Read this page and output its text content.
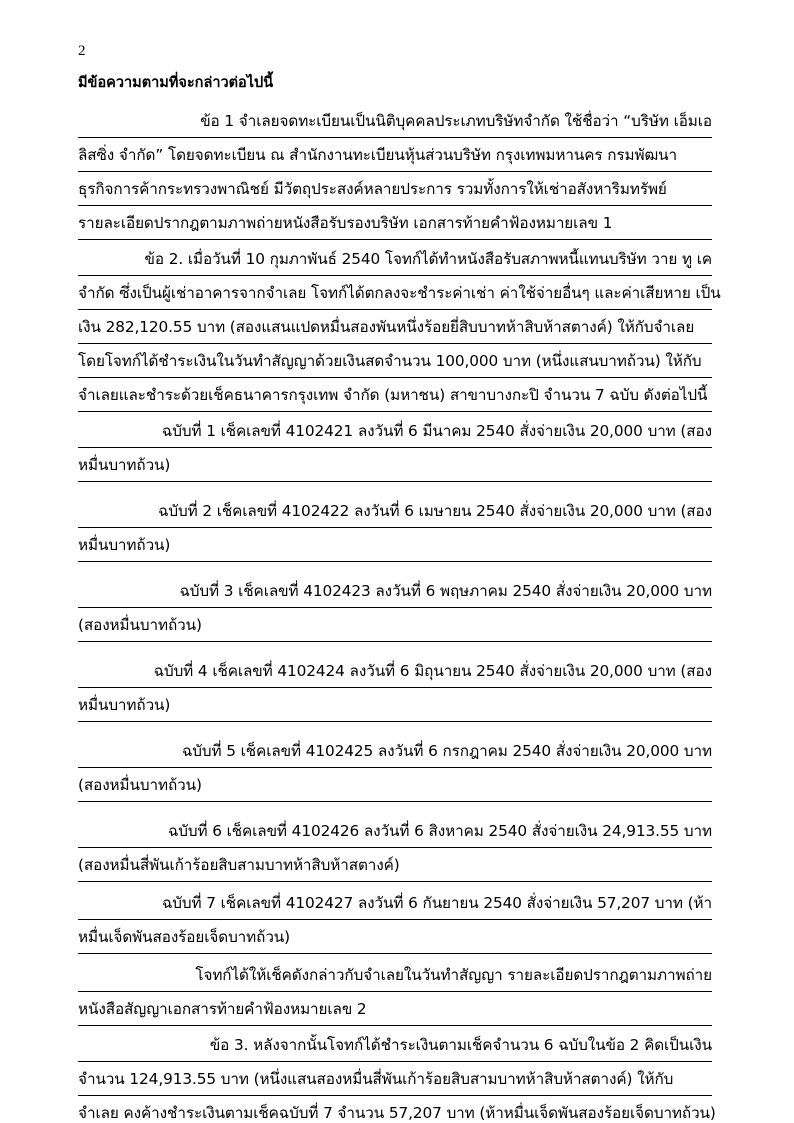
2
มีข้อความตามที่จะกล่าวต่อไปนี้
ข้อ 1 จำเลยจดทะเบียนเป็นนิติบุคคลประเภทบริษัทจำกัด ใช้ชื่อว่า “บริษัท เอ็มเอ
ลิสซิ่ง จำกัด” โดยจดทะเบียน ณ สำนักงานทะเบียนหุ้นส่วนบริษัท กรุงเทพมหานคร กรมพัฒนา
ธุรกิจการค้ากระทรวงพาณิชย์ มีวัตถุประสงค์หลายประการ รวมทั้งการให้เช่าอสังหาริมทรัพย์
รายละเอียดปรากฎตามภาพถ่ายหนังสือรับรองบริษัท เอกสารท้ายคำฟ้องหมายเลข 1
ข้อ 2. เมื่อวันที่ 10 กุมภาพันธ์ 2540 โจทก์ได้ทำหนังสือรับสภาพหนี้แทนบริษัท วาย ทู เค
จำกัด ซึ่งเป็นผู้เช่าอาคารจากจำเลย โจทก์ได้ตกลงจะชำระค่าเช่า ค่าใช้จ่ายอื่นๆ และค่าเสียหาย เป็น
เงิน 282,120.55 บาท (สองแสนแปดหมื่นสองพันหนึ่งร้อยยี่สิบบาทห้าสิบห้าสตางค์) ให้กับจำเลย
โดยโจทก์ได้ชำระเงินในวันทำสัญญาด้วยเงินสดจำนวน 100,000 บาท (หนึ่งแสนบาทถ้วน) ให้กับ
จำเลยและชำระด้วยเช็คธนาคารกรุงเทพ จำกัด (มหาชน) สาขาบางกะปิ จำนวน 7 ฉบับ ดังต่อไปนี้
ฉบับที่ 1 เช็คเลขที่ 4102421 ลงวันที่ 6 มีนาคม 2540 สั่งจ่ายเงิน 20,000 บาท (สอง
หมื่นบาทถ้วน)
ฉบับที่ 2 เช็คเลขที่ 4102422 ลงวันที่ 6 เมษายน 2540 สั่งจ่ายเงิน 20,000 บาท (สอง
หมื่นบาทถ้วน)
ฉบับที่ 3 เช็คเลขที่ 4102423 ลงวันที่ 6 พฤษภาคม 2540 สั่งจ่ายเงิน 20,000 บาท
(สองหมื่นบาทถ้วน)
ฉบับที่ 4 เช็คเลขที่ 4102424 ลงวันที่ 6 มิถุนายน 2540 สั่งจ่ายเงิน 20,000 บาท (สอง
หมื่นบาทถ้วน)
ฉบับที่ 5 เช็คเลขที่ 4102425 ลงวันที่ 6 กรกฎาคม 2540 สั่งจ่ายเงิน 20,000 บาท
(สองหมื่นบาทถ้วน)
ฉบับที่ 6 เช็คเลขที่ 4102426 ลงวันที่ 6 สิงหาคม 2540 สั่งจ่ายเงิน 24,913.55 บาท
(สองหมื่นสี่พันเก้าร้อยสิบสามบาทห้าสิบห้าสตางค์)
ฉบับที่ 7 เช็คเลขที่ 4102427 ลงวันที่ 6 กันยายน 2540 สั่งจ่ายเงิน 57,207 บาท (ห้า
หมื่นเจ็ดพันสองร้อยเจ็ดบาทถ้วน)
โจทก์ได้ให้เช็คดังกล่าวกับจำเลยในวันทำสัญญา รายละเอียดปรากฎตามภาพถ่าย
หนังสือสัญญาเอกสารท้ายคำฟ้องหมายเลข 2
ข้อ 3. หลังจากนั้นโจทก์ได้ชำระเงินตามเช็คจำนวน 6 ฉบับในข้อ 2 คิดเป็นเงิน
จำนวน 124,913.55 บาท (หนึ่งแสนสองหมื่นสี่พันเก้าร้อยสิบสามบาทห้าสิบห้าสตางค์) ให้กับ
จำเลย คงค้างชำระเงินตามเช็คฉบับที่ 7 จำนวน 57,207 บาท (ห้าหมื่นเจ็ดพันสองร้อยเจ็ดบาทถ้วน)
